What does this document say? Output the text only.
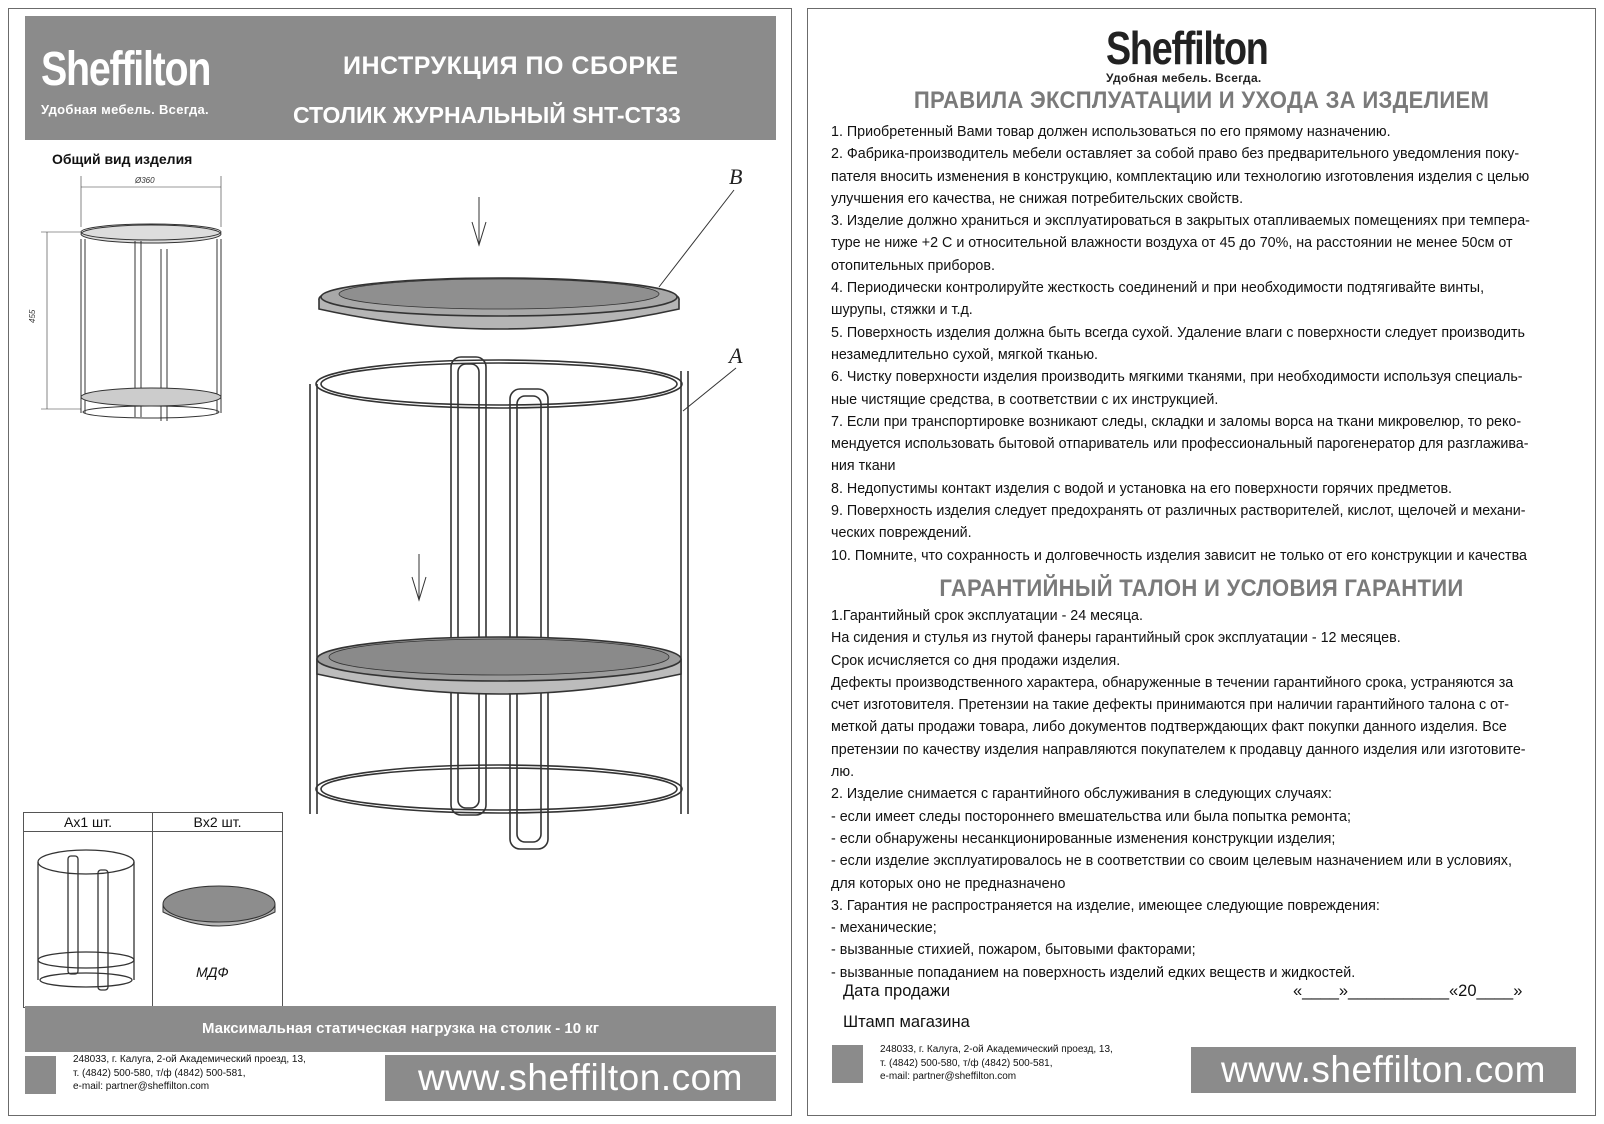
Sheffilton
Удобная мебель. Всегда.
ИНСТРУКЦИЯ ПО СБОРКЕ
СТОЛИК ЖУРНАЛЬНЫЙ SHT-CT33
Общий вид изделия
Ø360
455
B
A
Ax1 шт.	Bx2 шт.

МДФ
Максимальная статическая нагрузка на столик - 10 кг
248033, г. Калуга, 2-ой Академический проезд, 13,
т. (4842) 500-580, т/ф (4842) 500-581,
e-mail: partner@sheffilton.com	www.sheffilton.com
Sheffilton
Удобная мебель. Всегда.
ПРАВИЛА ЭКСПЛУАТАЦИИ И УХОДА ЗА ИЗДЕЛИЕМ

1. Приобретенный Вами товар должен использоваться по его прямому назначению.

2. Фабрика-производитель мебели оставляет за собой право без предварительного уведомления поку-

пателя вносить изменения в конструкцию, комплектацию или технологию изготовления изделия с целью

улучшения его качества, не снижая потребительских свойств.

3. Изделие должно храниться и эксплуатироваться в закрытых отапливаемых помещениях при темпера-

туре не ниже +2 С и относительной влажности воздуха от 45 до 70%, на расстоянии не менее 50см от

отопительных приборов.

4. Периодически контролируйте жесткость соединений и при необходимости подтягивайте винты,

шурупы, стяжки и т.д.

5. Поверхность изделия должна быть всегда сухой. Удаление влаги с поверхности следует производить

незамедлительно сухой, мягкой тканью.

6. Чистку поверхности изделия производить мягкими тканями, при необходимости используя специаль-

ные чистящие средства, в соответствии с их инструкцией.

7. Если при транспортировке возникают следы, складки и заломы ворса на ткани микровелюр, то реко-

мендуется использовать бытовой отпариватель или профессиональный парогенератор для разглажива-

ния ткани

8. Недопустимы контакт изделия с водой и установка на его поверхности горячих предметов.

9. Поверхность изделия следует предохранять от различных растворителей, кислот, щелочей и механи-

ческих повреждений.

10. Помните, что сохранность и долговечность изделия зависит не только от его конструкции и качества

ГАРАНТИЙНЫЙ ТАЛОН И УСЛОВИЯ ГАРАНТИИ

1.Гарантийный срок эксплуатации - 24 месяца.

На сидения и стулья из гнутой фанеры гарантийный срок эксплуатации - 12 месяцев.

Срок исчисляется со дня продажи изделия.

Дефекты производственного характера, обнаруженные в течении гарантийного срока, устраняются за

счет изготовителя. Претензии на такие дефекты принимаются при наличии гарантийного талона с от-

меткой даты продажи товара, либо документов подтверждающих факт покупки данного изделия. Все

претензии по качеству изделия направляются покупателем к продавцу данного изделия или изготовите-

лю.

2. Изделие снимается с гарантийного обслуживания в следующих случаях:

- если имеет следы постороннего вмешательства или была попытка ремонта;

- если обнаружены несанкционированные изменения конструкции изделия;

- если изделие эксплуатировалось не в соответствии со своим целевым назначением или в условиях,

для которых оно не предназначено

3. Гарантия не распространяется на изделие, имеющее следующие повреждения:

- механические;

- вызванные стихией, пожаром, бытовыми факторами;

- вызванные попаданием на поверхность изделий едких веществ и жидкостей.

Дата продажи	«____»___________«20____»
Штамп магазина
248033, г. Калуга, 2-ой Академический проезд, 13,
т. (4842) 500-580, т/ф (4842) 500-581,
e-mail: partner@sheffilton.com	www.sheffilton.com
